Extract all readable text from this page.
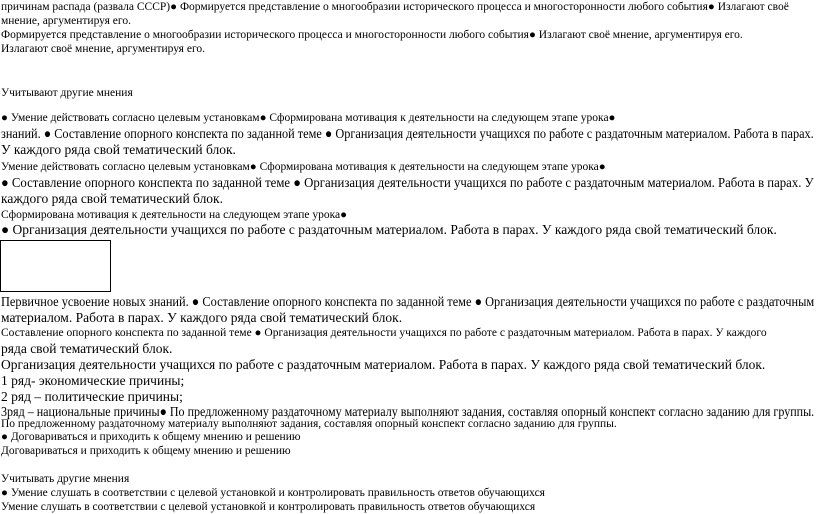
причинам распада (развала СССР)● Формируется представление о многообразии исторического процесса и многосторонности любого события● Излагают своё
мнение, аргументируя его.
Формируется представление о многообразии исторического процесса и многосторонности любого события● Излагают своё мнение, аргументируя его.
Излагают своё мнение, аргументируя его.
Учитывают другие мнения
● Умение действовать согласно целевым установкам● Сформирована мотивация к деятельности на следующем этапе урока●
знаний. ● Составление опорного конспекта по заданной теме ● Организация деятельности учащихся по работе с раздаточным материалом. Работа в парах.
У каждого ряда свой тематический блок.
Умение действовать согласно целевым установкам● Сформирована мотивация к деятельности на следующем этапе урока●
● Составление опорного конспекта по заданной теме ● Организация деятельности учащихся по работе с раздаточным материалом. Работа в парах. У
каждого ряда свой тематический блок.
Сформирована мотивация к деятельности на следующем этапе урока●
● Организация деятельности учащихся по работе с раздаточным материалом. Работа в парах. У каждого ряда свой тематический блок.
Первичное усвоение новых знаний. ● Составление опорного конспекта по заданной теме ● Организация деятельности учащихся по работе с раздаточным
материалом. Работа в парах. У каждого ряда свой тематический блок.
Составление опорного конспекта по заданной теме ● Организация деятельности учащихся по работе с раздаточным материалом. Работа в парах. У каждого
ряда свой тематический блок.
Организация деятельности учащихся по работе с раздаточным материалом. Работа в парах. У каждого ряда свой тематический блок.
1 ряд- экономические причины;
2 ряд – политические причины;
3ряд – национальные причины● По предложенному раздаточному материалу выполняют задания, составляя опорный конспект согласно заданию для группы.
По предложенному раздаточному материалу выполняют задания, составляя опорный конспект согласно заданию для группы.
● Договариваться и приходить к общему мнению и решению
Договариваться и приходить к общему мнению и решению
Учитывать другие мнения
● Умение слушать в соответствии с целевой установкой и контролировать правильность ответов обучающихся
Умение слушать в соответствии с целевой установкой и контролировать правильность ответов обучающихся
